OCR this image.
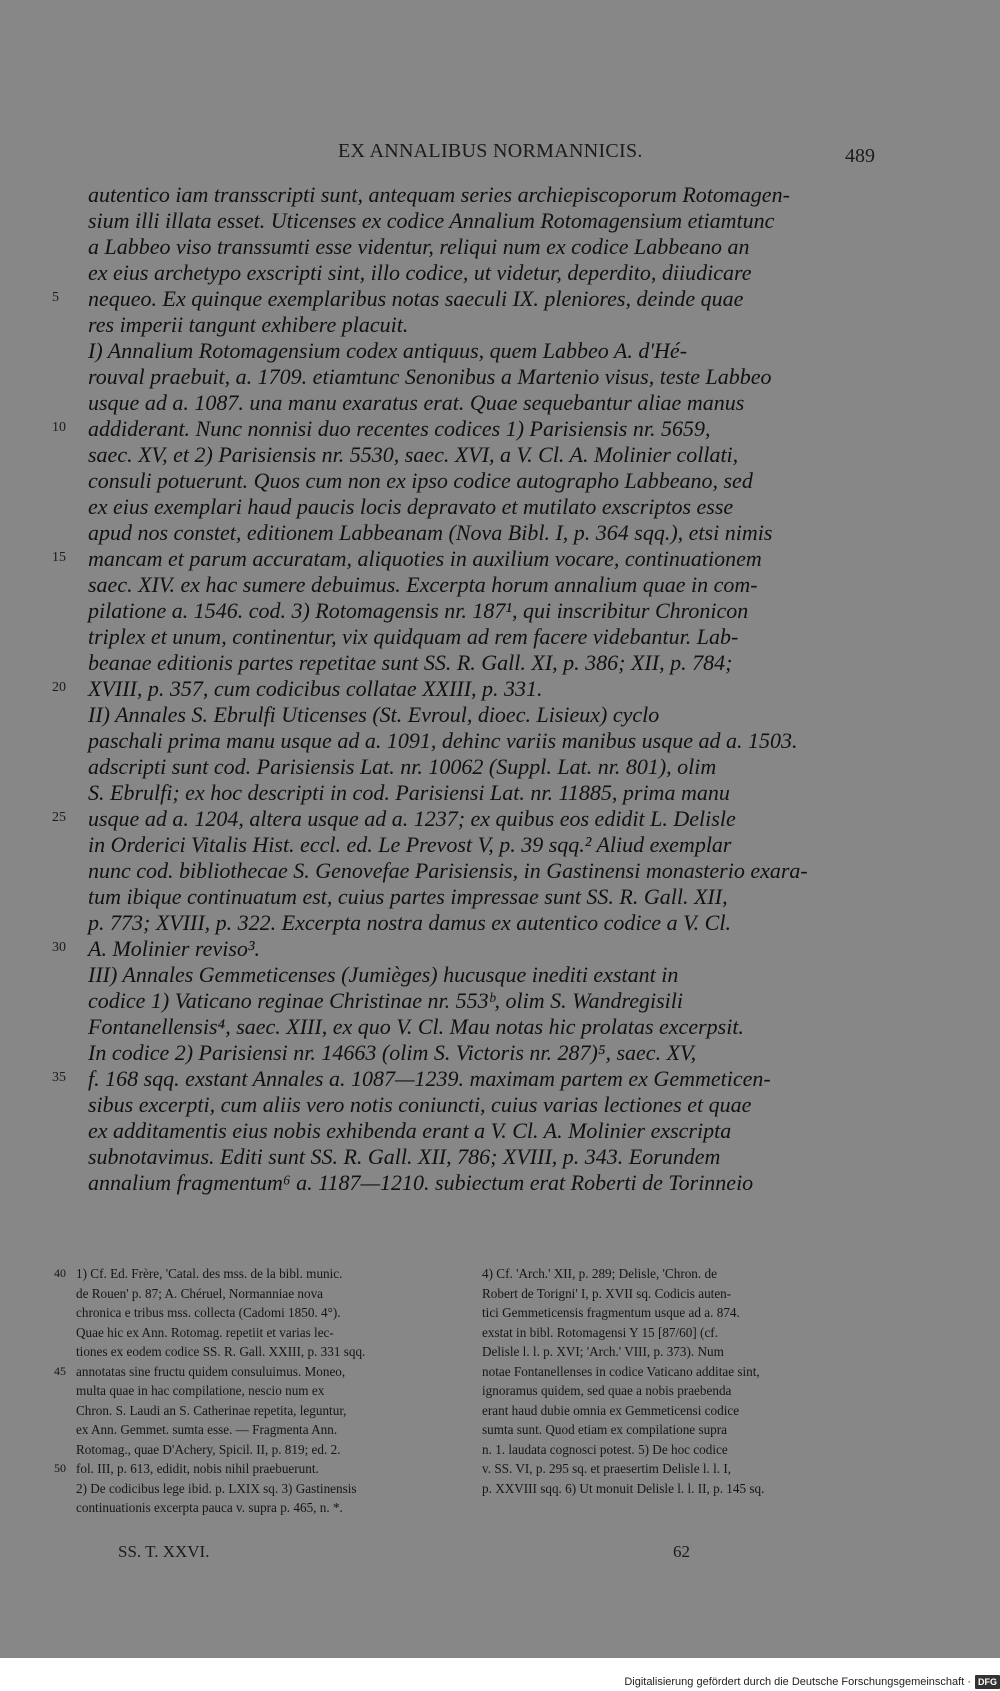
EX ANNALIBUS NORMANNICIS.	489
autentico iam transscripti sunt, antequam series archiepiscoporum Rotomagen-
sium illi illata esset. Uticenses ex codice Annalium Rotomagensium etiamtunc
a Labbeo viso transsumti esse videntur, reliqui num ex codice Labbeano an
ex eius archetypo exscripti sint, illo codice, ut videtur, deperdito, diiudicare
5 nequeo. Ex quinque exemplaribus notas saeculi IX. pleniores, deinde quae
res imperii tangunt exhibere placuit.
I) Annalium Rotomagensium codex antiquus, quem Labbeo A. d'Hé-
rouval praebuit, a. 1709. etiamtunc Senonibus a Martenio visus, teste Labbeo
usque ad a. 1087. una manu exaratus erat. Quae sequebantur aliae manus
10 addiderant. Nunc nonnisi duo recentes codices 1) Parisiensis nr. 5659,
saec. XV, et 2) Parisiensis nr. 5530, saec. XVI, a V. Cl. A. Molinier collati,
consuli potuerunt. Quos cum non ex ipso codice autographo Labbeano, sed
ex eius exemplari haud paucis locis depravato et mutilato exscriptos esse
apud nos constet, editionem Labbeanam (Nova Bibl. I, p. 364 sqq.), etsi nimis
15 mancam et parum accuratam, aliquoties in auxilium vocare, continuationem
saec. XIV. ex hac sumere debuimus. Excerpta horum annalium quae in com-
pilatione a. 1546. cod. 3) Rotomagensis nr. 187¹, qui inscribitur Chronicon
triplex et unum, continentur, vix quidquam ad rem facere videbantur. Lab-
beanae editionis partes repetitae sunt SS. R. Gall. XI, p. 386; XII, p. 784;
20 XVIII, p. 357, cum codicibus collatae XXIII, p. 331.
II) Annales S. Ebrulfi Uticenses (St. Evroul, dioec. Lisieux) cyclo
paschali prima manu usque ad a. 1091, dehinc variis manibus usque ad a. 1503.
adscripti sunt cod. Parisiensis Lat. nr. 10062 (Suppl. Lat. nr. 801), olim
S. Ebrulfi; ex hoc descripti in cod. Parisiensi Lat. nr. 11885, prima manu
25 usque ad a. 1204, altera usque ad a. 1237; ex quibus eos edidit L. Delisle
in Orderici Vitalis Hist. eccl. ed. Le Prevost V, p. 39 sqq.² Aliud exemplar
nunc cod. bibliothecae S. Genovefae Parisiensis, in Gastinensi monasterio exara-
tum ibique continuatum est, cuius partes impressae sunt SS. R. Gall. XII,
p. 773; XVIII, p. 322. Excerpta nostra damus ex autentico codice a V. Cl.
30 A. Molinier reviso³.
III) Annales Gemmeticenses (Jumièges) hucusque inediti exstant in
codice 1) Vaticano reginae Christinae nr. 553ᵇ, olim S. Wandregisili
Fontanellensis⁴, saec. XIII, ex quo V. Cl. Mau notas hic prolatas excerpsit.
In codice 2) Parisiensi nr. 14663 (olim S. Victoris nr. 287)⁵, saec. XV,
35 f. 168 sqq. exstant Annales a. 1087—1239. maximam partem ex Gemmeticen-
sibus excerpti, cum aliis vero notis coniuncti, cuius varias lectiones et quae
ex additamentis eius nobis exhibenda erant a V. Cl. A. Molinier exscripta
subnotavimus. Editi sunt SS. R. Gall. XII, 786; XVIII, p. 343. Eorundem
annalium fragmentum⁶ a. 1187—1210. subiectum erat Roberti de Torinneio
40 1) Cf. Ed. Frère, 'Catal. des mss. de la bibl. munic.
de Rouen' p. 87; A. Chéruel, Normanniae nova
chronica e tribus mss. collecta (Cadomi 1850. 4°).
Quae hic ex Ann. Rotomag. repetiit et varias lec-
tiones ex eodem codice SS. R. Gall. XXIII, p. 331 sqq.
45 annotatas sine fructu quidem consuluimus. Moneo,
multa quae in hac compilatione, nescio num ex
Chron. S. Laudi an S. Catherinae repetita, leguntur,
ex Ann. Gemmet. sumta esse. — Fragmenta Ann.
Rotomag., quae D'Achery, Spicil. II, p. 819; ed. 2.
50 fol. III, p. 613, edidit, nobis nihil praebuerunt.
2) De codicibus lege ibid. p. LXIX sq. 3) Gastinensis
continuationis excerpta pauca v. supra p. 465, n. *.
4) Cf. 'Arch.' XII, p. 289; Delisle, 'Chron. de
Robert de Torigni' I, p. XVII sq. Codicis auten-
tici Gemmeticensis fragmentum usque ad a. 874.
exstat in bibl. Rotomagensi Y 15 [87/60] (cf.
Delisle l. l. p. XVI; 'Arch.' VIII, p. 373). Num
notae Fontanellenses in codice Vaticano additae sint,
ignoramus quidem, sed quae a nobis praebenda
erant haud dubie omnia ex Gemmeticensi codice
sumta sunt. Quod etiam ex compilatione supra
n. 1. laudata cognosci potest. 5) De hoc codice
v. SS. VI, p. 295 sq. et praesertim Delisle l. l. I,
p. XXVIII sqq. 6) Ut monuit Delisle l. l. II, p. 145 sq.
SS. T. XXVI.	62
Digitalisierung gefördert durch die Deutsche Forschungsgemeinschaft · DFG
